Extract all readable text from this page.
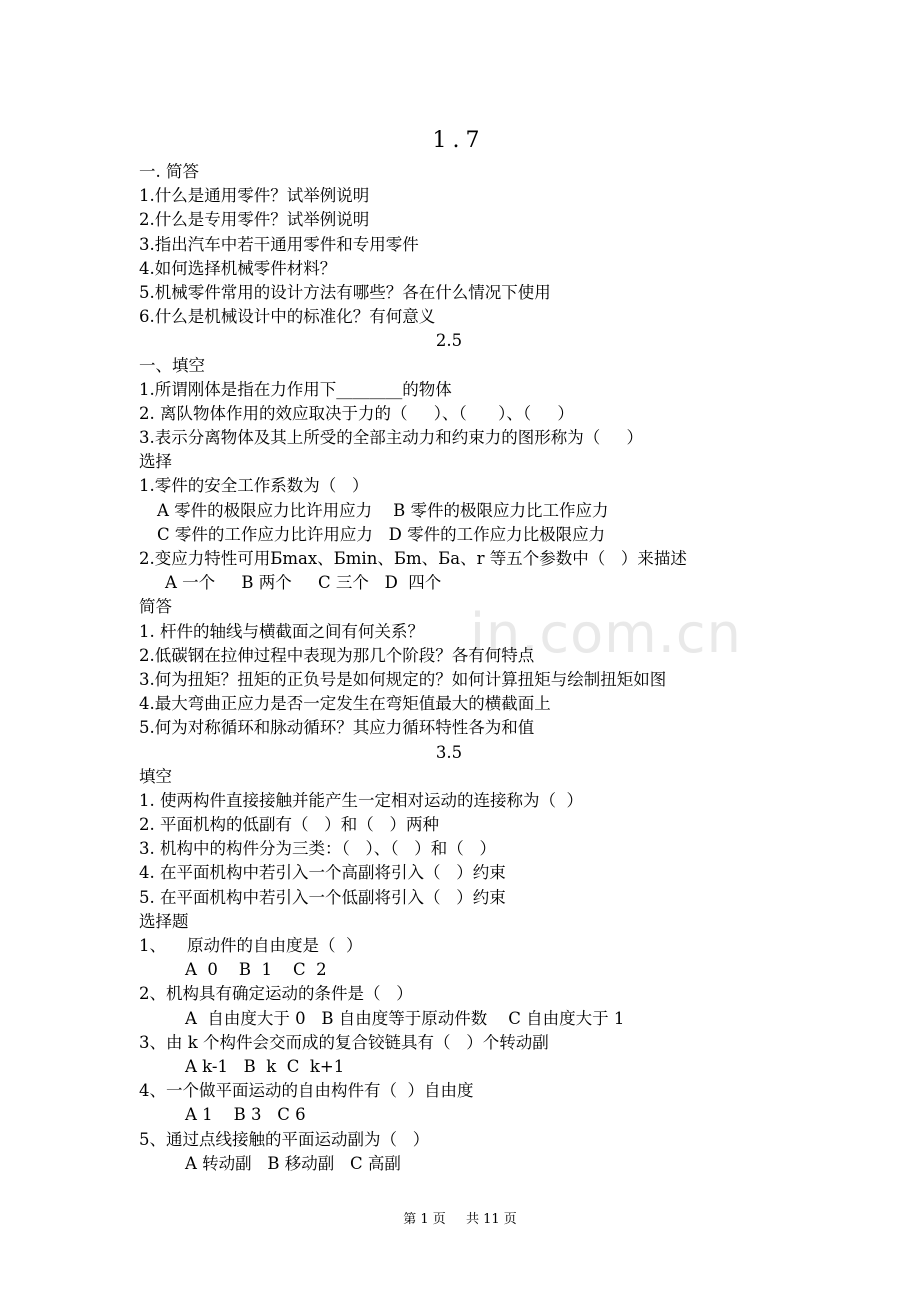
in.com.cn
1.7
一. 简答
1.什么是通用零件？试举例说明
2.什么是专用零件？试举例说明
3.指出汽车中若干通用零件和专用零件
4.如何选择机械零件材料？
5.机械零件常用的设计方法有哪些？各在什么情况下使用
6.什么是机械设计中的标准化？有何意义
2.5
一、填空
1.所谓刚体是指在力作用下________的物体
2. 离队物体作用的效应取决于力的（     ）、（      ）、（     ）
3.表示分离物体及其上所受的全部主动力和约束力的图形称为（     ）
选择
1.零件的安全工作系数为（   ）
A 零件的极限应力比许用应力    B 零件的极限应力比工作应力
C 零件的工作应力比许用应力   D 零件的工作应力比极限应力
2.变应力特性可用Бmax、Бmin、Бm、Бa、r 等五个参数中（   ）来描述
A 一个     B 两个     C 三个   D  四个
简答
1. 杆件的轴线与横截面之间有何关系？
2.低碳钢在拉伸过程中表现为那几个阶段？各有何特点
3.何为扭矩？扭矩的正负号是如何规定的？如何计算扭矩与绘制扭矩如图
4.最大弯曲正应力是否一定发生在弯矩值最大的横截面上
5.何为对称循环和脉动循环？其应力循环特性各为和值
3.5
填空
1. 使两构件直接接触并能产生一定相对运动的连接称为（  ）
2. 平面机构的低副有（   ）和（   ）两种
3. 机构中的构件分为三类：（   ）、（   ）和（   ）
4. 在平面机构中若引入一个高副将引入（   ）约束
5. 在平面机构中若引入一个低副将引入（   ）约束
选择题
1、    原动件的自由度是（  ）
A  0    B  1    C  2
2、机构具有确定运动的条件是（   ）
A  自由度大于 0   B 自由度等于原动件数    C 自由度大于 1
3、由 k 个构件会交而成的复合铰链具有（   ）个转动副
A k-1   B  k  C  k+1
4、一个做平面运动的自由构件有（  ）自由度
A 1    B 3   C 6
5、通过点线接触的平面运动副为（   ）
A 转动副   B 移动副   C 高副
第 1 页 共 11 页
